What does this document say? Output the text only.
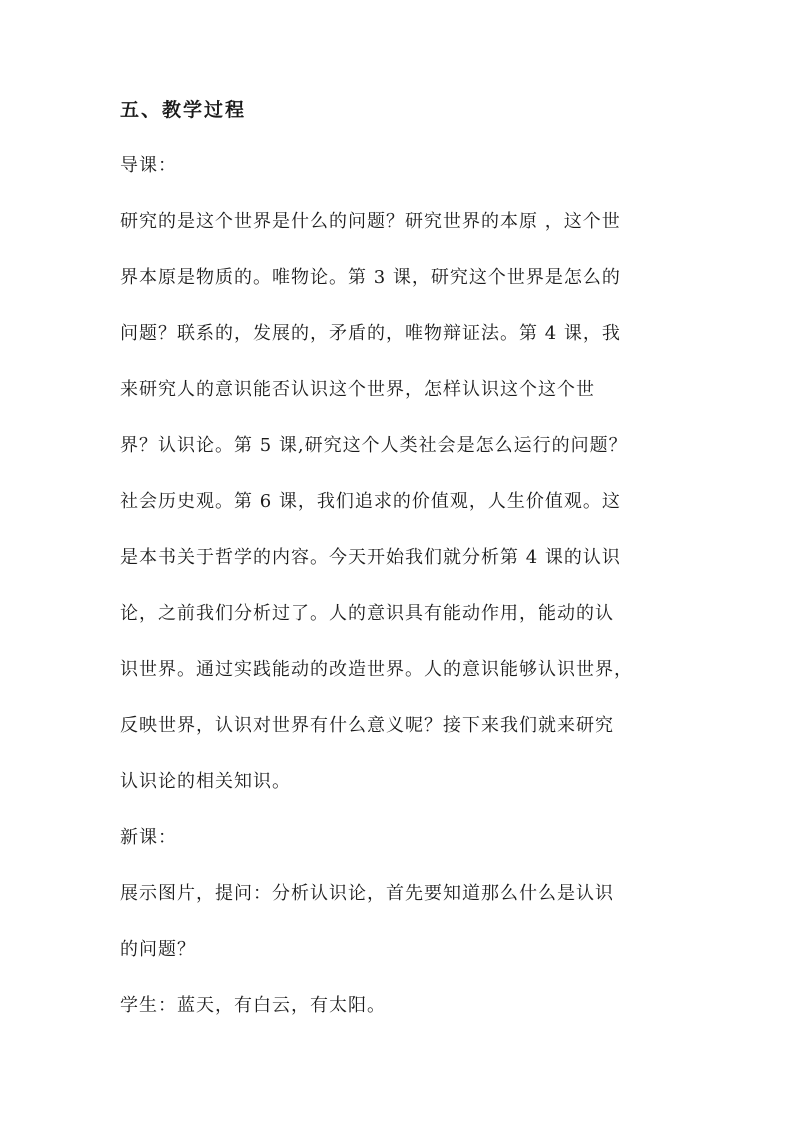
五、教学过程
导课：
研究的是这个世界是什么的问题？研究世界的本原 ，这个世
界本原是物质的。唯物论。第 3 课，研究这个世界是怎么的
问题？联系的，发展的，矛盾的，唯物辩证法。第 4 课，我
来研究人的意识能否认识这个世界，怎样认识这个这个世
界？认识论。第 5 课,研究这个人类社会是怎么运行的问题？
社会历史观。第 6 课，我们追求的价值观，人生价值观。这
是本书关于哲学的内容。今天开始我们就分析第 4 课的认识
论，之前我们分析过了。人的意识具有能动作用，能动的认
识世界。通过实践能动的改造世界。人的意识能够认识世界，
反映世界，认识对世界有什么意义呢？接下来我们就来研究
认识论的相关知识。
新课：
展示图片，提问：分析认识论，首先要知道那么什么是认识
的问题？
学生：蓝天，有白云，有太阳。
